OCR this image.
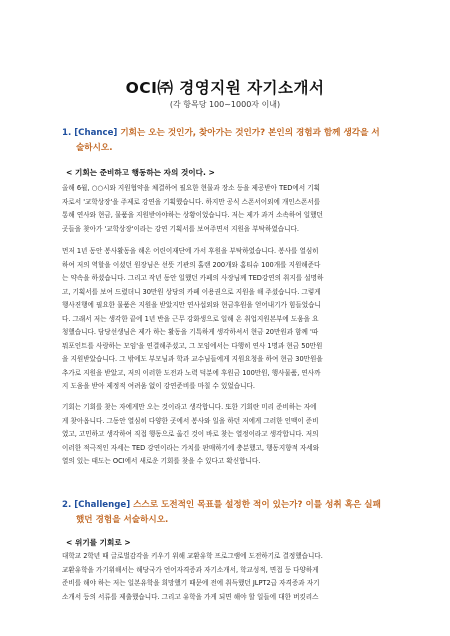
OCI㈜ 경영지원 자기소개서
(각 항목당 100~1000자 이내)
1. [Chance] 기회는 오는 것인가, 찾아가는 것인가? 본인의 경험과 함께 생각을 서
술하시오.
< 기회는 준비하고 행동하는 자의 것이다. >
올해 6월, ○○시와 지원협약을 체결하여 필요한 현물과 장소 등을 제공받아 TED에서 기획
자로서 '교학상장'을 주제로 강연을 기획했습니다. 하지만 공식 스폰서이외에 개인스폰서를
통해 연사와 현금, 물품을 지원받아야하는 상황이었습니다. 저는 제가 과거 소속하여 일했던
곳들을 찾아가 '교학상장'이라는 강연 기획서를 보여주면서 지원을 부탁하였습니다.
먼저 1년 동안 봉사활동을 해온 어린이재단에 가서 후원을 부탁하였습니다. 봉사를 열심히
하여 저의 역할을 이셨던 원장님은 선뜻 기관의 홀랜 200개와 홈티슈 100개를 지원해준다
는 약속을 하셨습니다. 그리고 작년 동안 일했던 카페의 사장님께 TED강연의 취지를 설명하
고, 기획서를 보여 드렸더니 30만원 상당의 카페 이용권으로 지원을 해 주셨습니다. 그렇게
행사진행에 필요한 물품은 지원을 받았지만 연사섭외와 현금후원을 얻어내기가 힘들었습니
다. 그래서 저는 생각한 끝에 1년 반을 근무 강화생으로 일해 온 취업지원본부에 도움을 요
청했습니다. 담당선생님은 제가 하는 활동을 기특하게 생각하셔서 현금 20만원과 함께 '따
뭐포인트를 사랑하는 모임'을 연결해주셨고, 그 모임에서는 다행히 연사 1명과 현금 50만원
을 지원받았습니다. 그 밖에도 부모님과 학과 교수님들에게 지원요청을 하여 현금 30만원을
추가로 지원을 받았고, 저의 이러한 도전과 노력 덕분에 후원금 100만원, 행사물품, 연사까
지 도움을 받아 제정적 여려움 없이 강연준비를 마칠 수 있었습니다.
기회는 기회를 찾는 자에게만 오는 것이라고 생각합니다. 또한 기회란 미리 준비하는 자에
게 찾아옵니다. 그동안 열심히 다양한 곳에서 봉사와 일을 하던 저에게 그러한 인맥이 준비
였고, 고민하고 생각하여 직접 행동으로 옮긴 것이 바로 찾는 열정이라고 생각합니다. 저의
이러한 적극적인 자세는 TED 강연이라는 가치를 판매하기에 충분했고, 행동지향적 자세와
열의 있는 태도는 OCI에서 새로운 기회를 찾을 수 있다고 확신합니다.
2. [Challenge] 스스로 도전적인 목표를 설정한 적이 있는가? 이를 성취 혹은 실패
했던 경험을 서술하시오.
< 위기를 기회로 >
대학교 2학년 때 글로벌감각을 키우기 위해 교환유학 프로그램에 도전하기로 결정했습니다.
교환유학을 가기위해서는 해당국가 언어자격증과 자기소개서, 학교성적, 면접 등 다양하게
준비를 해야 하는 저는 일본유학을 희망했기 때문에 전에 취득했던 JLPT2급 자격증과 자기
소개서 등의 서류를 제출했습니다. 그리고 유학을 가게 되면 해야 할 일들에 대한 버킷리스
